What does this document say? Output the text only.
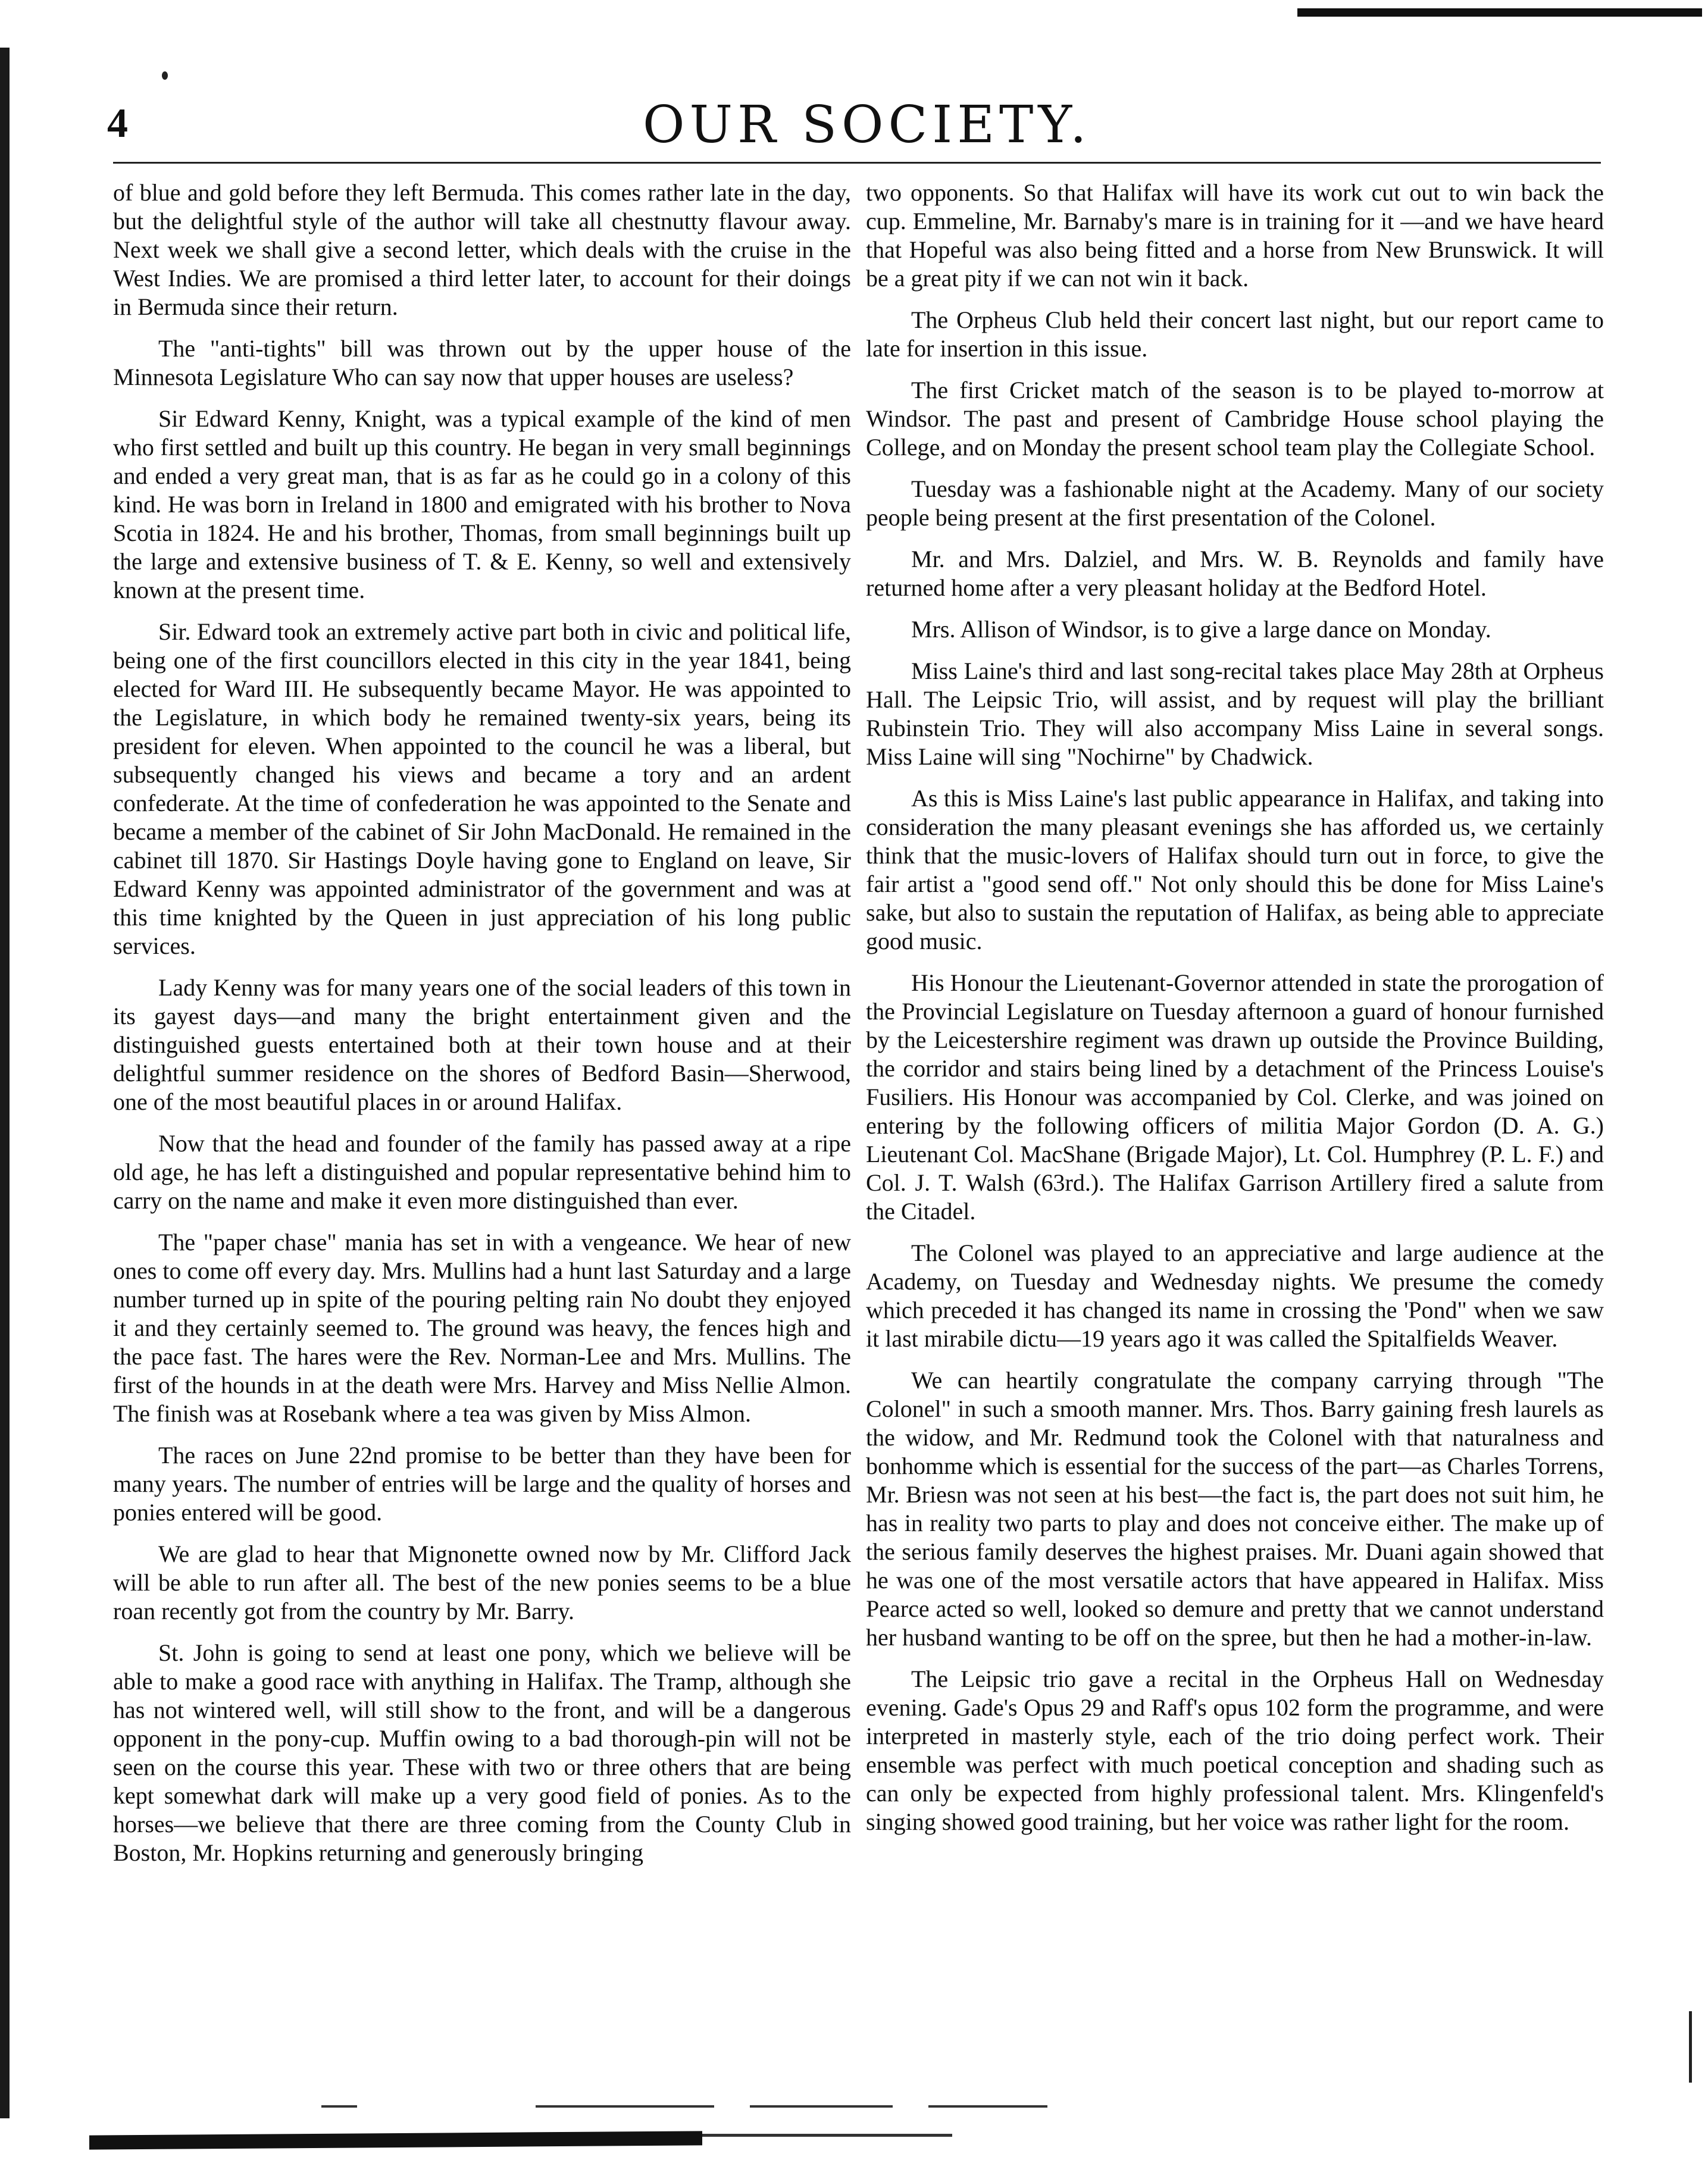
4	OUR SOCIETY.

of blue and gold before they left Bermuda. This comes rather late in the day, but the delightful style of the author will take all chestnutty flavour away. Next week we shall give a second letter, which deals with the cruise in the West Indies. We are promised a third letter later, to account for their doings in Bermuda since their return.

The "anti-tights" bill was thrown out by the upper house of the Minnesota Legislature Who can say now that upper houses are useless?

Sir Edward Kenny, Knight, was a typical example of the kind of men who first settled and built up this country. He began in very small beginnings and ended a very great man, that is as far as he could go in a colony of this kind. He was born in Ireland in 1800 and emigrated with his brother to Nova Scotia in 1824. He and his brother, Thomas, from small beginnings built up the large and extensive business of T. & E. Kenny, so well and extensively known at the present time.

Sir. Edward took an extremely active part both in civic and political life, being one of the first councillors elected in this city in the year 1841, being elected for Ward III. He subsequently became Mayor. He was appointed to the Legislature, in which body he remained twenty-six years, being its president for eleven. When appointed to the council he was a liberal, but subsequently changed his views and became a tory and an ardent confederate. At the time of confederation he was appointed to the Senate and became a member of the cabinet of Sir John MacDonald. He remained in the cabinet till 1870. Sir Hastings Doyle having gone to England on leave, Sir Edward Kenny was appointed administrator of the government and was at this time knighted by the Queen in just appreciation of his long public services.

Lady Kenny was for many years one of the social leaders of this town in its gayest days—and many the bright entertainment given and the distinguished guests entertained both at their town house and at their delightful summer residence on the shores of Bedford Basin—Sherwood, one of the most beautiful places in or around Halifax.

Now that the head and founder of the family has passed away at a ripe old age, he has left a distinguished and popular representative behind him to carry on the name and make it even more distinguished than ever.

The "paper chase" mania has set in with a vengeance. We hear of new ones to come off every day. Mrs. Mullins had a hunt last Saturday and a large number turned up in spite of the pouring pelting rain No doubt they enjoyed it and they certainly seemed to. The ground was heavy, the fences high and the pace fast. The hares were the Rev. Norman-Lee and Mrs. Mullins. The first of the hounds in at the death were Mrs. Harvey and Miss Nellie Almon. The finish was at Rosebank where a tea was given by Miss Almon.

The races on June 22nd promise to be better than they have been for many years. The number of entries will be large and the quality of horses and ponies entered will be good.

We are glad to hear that Mignonette owned now by Mr. Clifford Jack will be able to run after all. The best of the new ponies seems to be a blue roan recently got from the country by Mr. Barry.

St. John is going to send at least one pony, which we believe will be able to make a good race with anything in Halifax. The Tramp, although she has not wintered well, will still show to the front, and will be a dangerous opponent in the pony-cup. Muffin owing to a bad thorough-pin will not be seen on the course this year. These with two or three others that are being kept somewhat dark will make up a very good field of ponies. As to the horses—we believe that there are three coming from the County Club in Boston, Mr. Hopkins returning and generously bringing

two opponents. So that Halifax will have its work cut out to win back the cup. Emmeline, Mr. Barnaby's mare is in training for it —and we have heard that Hopeful was also being fitted and a horse from New Brunswick. It will be a great pity if we can not win it back.

The Orpheus Club held their concert last night, but our report came to late for insertion in this issue.

The first Cricket match of the season is to be played to-morrow at Windsor. The past and present of Cambridge House school playing the College, and on Monday the present school team play the Collegiate School.

Tuesday was a fashionable night at the Academy. Many of our society people being present at the first presentation of the Colonel.

Mr. and Mrs. Dalziel, and Mrs. W. B. Reynolds and family have returned home after a very pleasant holiday at the Bedford Hotel.

Mrs. Allison of Windsor, is to give a large dance on Monday.

Miss Laine's third and last song-recital takes place May 28th at Orpheus Hall. The Leipsic Trio, will assist, and by request will play the brilliant Rubinstein Trio. They will also accompany Miss Laine in several songs. Miss Laine will sing "Nochirne" by Chadwick.

As this is Miss Laine's last public appearance in Halifax, and taking into consideration the many pleasant evenings she has afforded us, we certainly think that the music-lovers of Halifax should turn out in force, to give the fair artist a "good send off." Not only should this be done for Miss Laine's sake, but also to sustain the reputation of Halifax, as being able to appreciate good music.

His Honour the Lieutenant-Governor attended in state the prorogation of the Provincial Legislature on Tuesday afternoon a guard of honour furnished by the Leicestershire regiment was drawn up outside the Province Building, the corridor and stairs being lined by a detachment of the Princess Louise's Fusiliers. His Honour was accompanied by Col. Clerke, and was joined on entering by the following officers of militia Major Gordon (D. A. G.) Lieutenant Col. MacShane (Brigade Major), Lt. Col. Humphrey (P. L. F.) and Col. J. T. Walsh (63rd.). The Halifax Garrison Artillery fired a salute from the Citadel.

The Colonel was played to an appreciative and large audience at the Academy, on Tuesday and Wednesday nights. We presume the comedy which preceded it has changed its name in crossing the 'Pond" when we saw it last mirabile dictu—19 years ago it was called the Spitalfields Weaver.

We can heartily congratulate the company carrying through "The Colonel" in such a smooth manner. Mrs. Thos. Barry gaining fresh laurels as the widow, and Mr. Redmund took the Colonel with that naturalness and bonhomme which is essential for the success of the part—as Charles Torrens, Mr. Briesn was not seen at his best—the fact is, the part does not suit him, he has in reality two parts to play and does not conceive either. The make up of the serious family deserves the highest praises. Mr. Duani again showed that he was one of the most versatile actors that have appeared in Halifax. Miss Pearce acted so well, looked so demure and pretty that we cannot understand her husband wanting to be off on the spree, but then he had a mother-in-law.

The Leipsic trio gave a recital in the Orpheus Hall on Wednesday evening. Gade's Opus 29 and Raff's opus 102 form the programme, and were interpreted in masterly style, each of the trio doing perfect work. Their ensemble was perfect with much poetical conception and shading such as can only be expected from highly professional talent. Mrs. Klingenfeld's singing showed good training, but her voice was rather light for the room.
